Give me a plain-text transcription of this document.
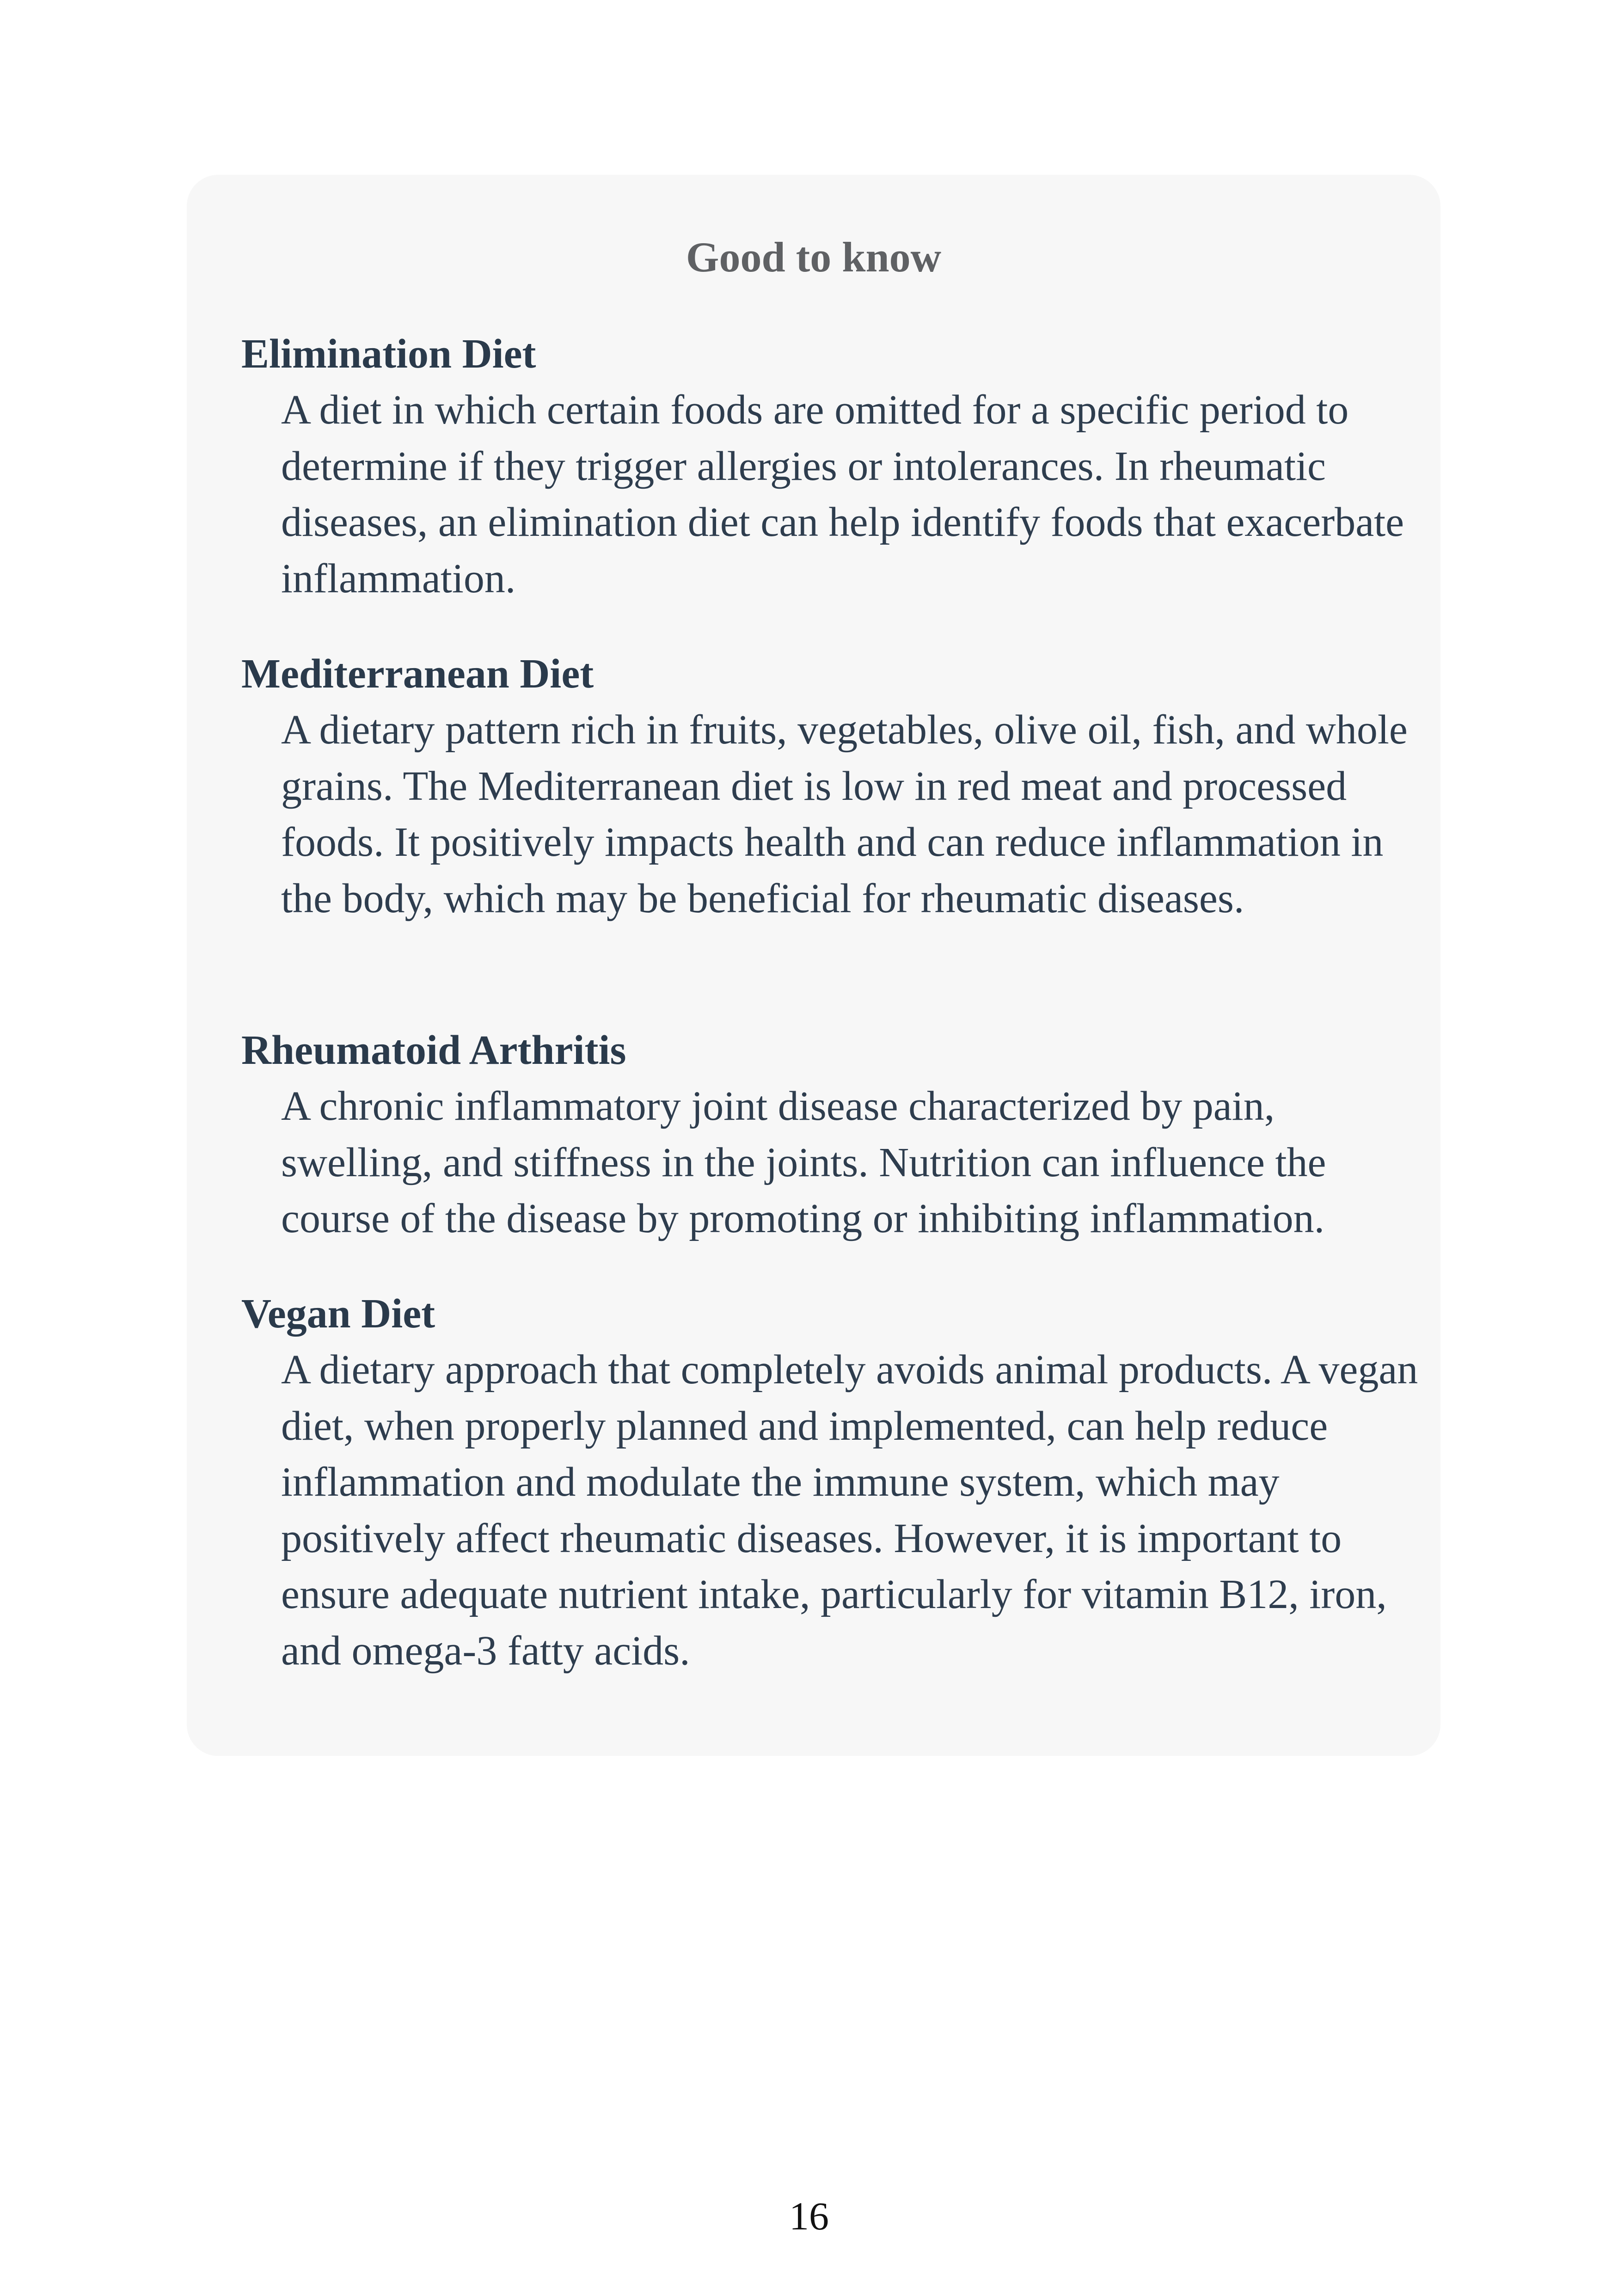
Good to know
Elimination Diet

A diet in which certain foods are omitted for a specific period to determine if they trigger allergies or intolerances. In rheumatic diseases, an elimination diet can help identify foods that exacerbate inflammation.

Mediterranean Diet

A dietary pattern rich in fruits, vegetables, olive oil, fish, and whole grains. The Mediterranean diet is low in red meat and processed foods. It positively impacts health and can reduce inflammation in the body, which may be beneficial for rheumatic diseases.

Rheumatoid Arthritis

A chronic inflammatory joint disease characterized by pain, swelling, and stiffness in the joints. Nutrition can influence the course of the disease by promoting or inhibiting inflammation.

Vegan Diet

A dietary approach that completely avoids animal products. A vegan diet, when properly planned and implemented, can help reduce inflammation and modulate the immune system, which may positively affect rheumatic diseases. However, it is important to ensure adequate nutrient intake, particularly for vitamin B12, iron, and omega-3 fatty acids.

16
